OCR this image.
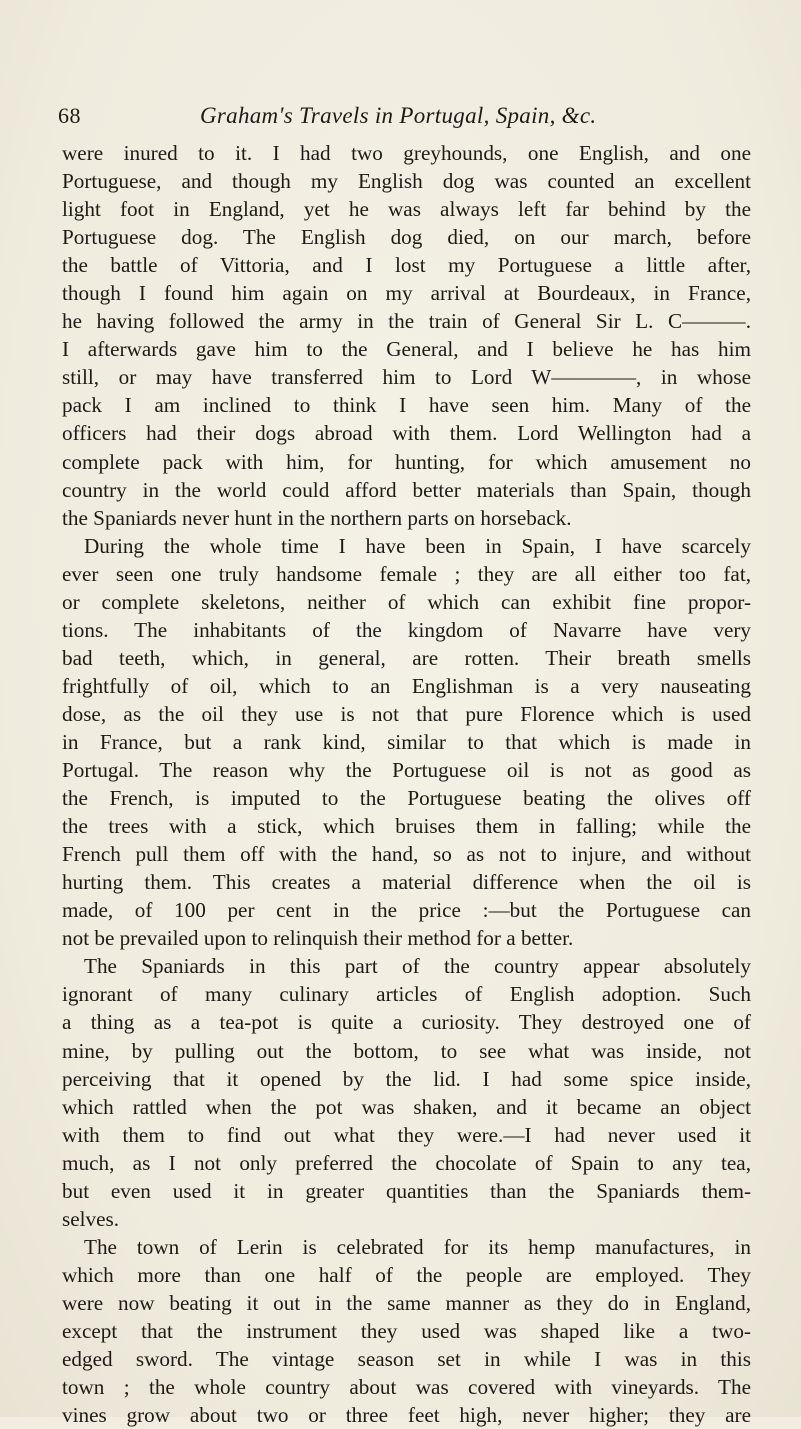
68	Graham's Travels in Portugal, Spain, &c.
were inured to it. I had two greyhounds, one English, and one
Portuguese, and though my English dog was counted an excellent
light foot in England, yet he was always left far behind by the
Portuguese dog. The English dog died, on our march, before
the battle of Vittoria, and I lost my Portuguese a little after,
though I found him again on my arrival at Bourdeaux, in France,
he having followed the army in the train of General Sir L. C———.
I afterwards gave him to the General, and I believe he has him
still, or may have transferred him to Lord W————, in whose
pack I am inclined to think I have seen him. Many of the
officers had their dogs abroad with them. Lord Wellington had a
complete pack with him, for hunting, for which amusement no
country in the world could afford better materials than Spain, though
the Spaniards never hunt in the northern parts on horseback.
During the whole time I have been in Spain, I have scarcely
ever seen one truly handsome female ; they are all either too fat,
or complete skeletons, neither of which can exhibit fine propor-
tions. The inhabitants of the kingdom of Navarre have very
bad teeth, which, in general, are rotten. Their breath smells
frightfully of oil, which to an Englishman is a very nauseating
dose, as the oil they use is not that pure Florence which is used
in France, but a rank kind, similar to that which is made in
Portugal. The reason why the Portuguese oil is not as good as
the French, is imputed to the Portuguese beating the olives off
the trees with a stick, which bruises them in falling; while the
French pull them off with the hand, so as not to injure, and without
hurting them. This creates a material difference when the oil is
made, of 100 per cent in the price :—but the Portuguese can
not be prevailed upon to relinquish their method for a better.
The Spaniards in this part of the country appear absolutely
ignorant of many culinary articles of English adoption. Such
a thing as a tea-pot is quite a curiosity. They destroyed one of
mine, by pulling out the bottom, to see what was inside, not
perceiving that it opened by the lid. I had some spice inside,
which rattled when the pot was shaken, and it became an object
with them to find out what they were.—I had never used it
much, as I not only preferred the chocolate of Spain to any tea,
but even used it in greater quantities than the Spaniards them-
selves.
The town of Lerin is celebrated for its hemp manufactures, in
which more than one half of the people are employed. They
were now beating it out in the same manner as they do in England,
except that the instrument they used was shaped like a two-
edged sword. The vintage season set in while I was in this
town ; the whole country about was covered with vineyards. The
vines grow about two or three feet high, never higher; they are
